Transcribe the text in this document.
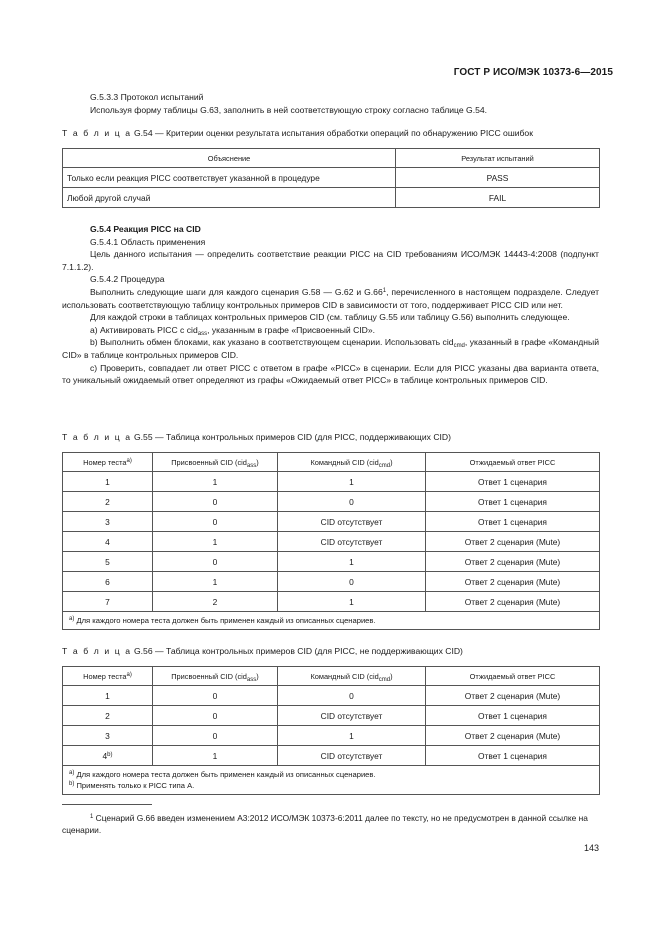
ГОСТ Р ИСО/МЭК 10373-6—2015

G.5.3.3 Протокол испытаний

Используя форму таблицы G.63, заполнить в ней соответствующую строку согласно таблице G.54.

Т а б л и ц а G.54 — Критерии оценки результата испытания обработки операций по обнаружению PICC ошибок
Объяснение	Результат испытаний
Только если реакция PICC соответствует указанной в процедуре	PASS
Любой другой случай	FAIL

G.5.4 Реакция PICC на CID

G.5.4.1 Область применения

Цель данного испытания — определить соответствие реакции PICC на CID требованиям ИСО/МЭК 14443-4:2008 (подпункт 7.1.1.2).

G.5.4.2 Процедура

Выполнить следующие шаги для каждого сценария G.58 — G.62 и $G.66^1$, перечисленного в настоящем подразделе. Следует использовать соответствующую таблицу контрольных примеров CID в зависимости от того, поддерживает PICC CID или нет.

Для каждой строки в таблицах контрольных примеров CID (см. таблицу G.55 или таблицу G.56) выполнить следующее.

a) Активировать PICC с cid$_{ass}$, указанным в графе «Присвоенный CID».

b) Выполнить обмен блоками, как указано в соответствующем сценарии. Использовать cid$_{cmd}$, указанный в графе «Командный CID» в таблице контрольных примеров CID.

c) Проверить, совпадает ли ответ PICC с ответом в графе «PICC» в сценарии. Если для PICC указаны два варианта ответа, то уникальный ожидаемый ответ определяют из графы «Ожидаемый ответ PICC» в таблице контрольных примеров CID.

Т а б л и ц а G.55 — Таблица контрольных примеров CID (для PICC, поддерживающих CID)
Номер теста$^{a)}$	Присвоенный CID (cid$_{ass}$)	Командный CID (cid$_{cmd}$)	Отжидаемый ответ PICC
1	1	1	Ответ 1 сценария
2	0	0	Ответ 1 сценария
3	0	CID отсутствует	Ответ 1 сценария
4	1	CID отсутствует	Ответ 2 сценария (Mute)
5	0	1	Ответ 2 сценария (Mute)
6	1	0	Ответ 2 сценария (Mute)
7	2	1	Ответ 2 сценария (Mute)
$^{a)}$ Для каждого номера теста должен быть применен каждый из описанных сценариев.			
Т а б л и ц а G.56 — Таблица контрольных примеров CID (для PICC, не поддерживающих CID)
Номер теста$^{a)}$	Присвоенный CID (cid$_{ass}$)	Командный CID (cid$_{cmd}$)	Отжидаемый ответ PICC
1	0	0	Ответ 2 сценария (Mute)
2	0	CID отсутствует	Ответ 1 сценария
3	0	1	Ответ 2 сценария (Mute)
4$^{b)}$	1	CID отсутствует	Ответ 1 сценария

$^{a)}$ Для каждого номера теста должен быть применен каждый из описанных сценариев.
$^{b)}$ Применять только к PICC типа А.			
$^1$ Сценарий G.66 введен изменением A3:2012 ИСО/МЭК 10373-6:2011 далее по тексту, но не предусмотрен в данной ссылке на сценарии.
143
